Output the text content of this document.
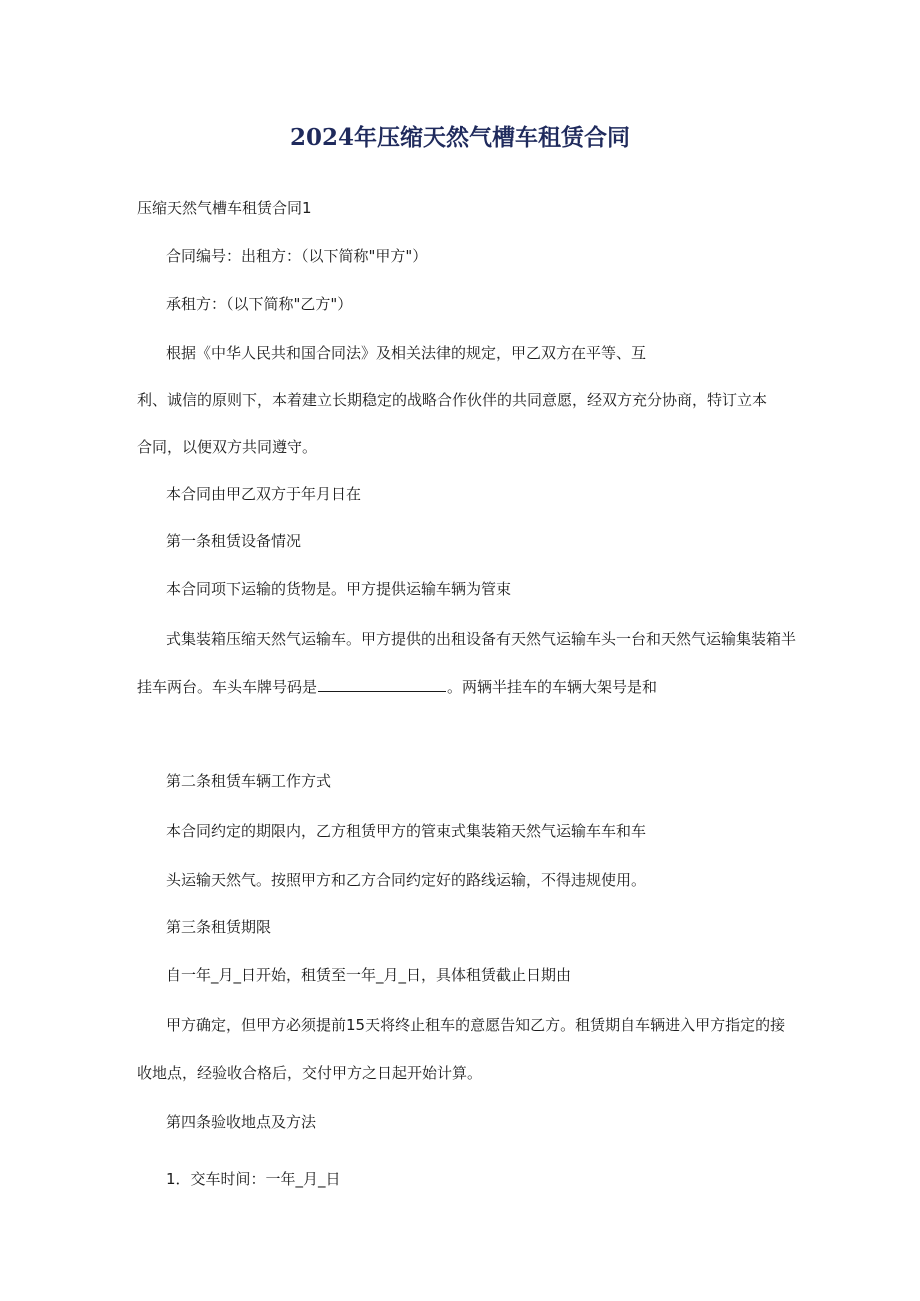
2024年压缩天然气槽车租赁合同
压缩天然气槽车租赁合同1
合同编号：出租方：（以下简称"甲方"）
承租方：（以下简称"乙方"）
根据《中华人民共和国合同法》及相关法律的规定，甲乙双方在平等、互
利、诚信的原则下，本着建立长期稳定的战略合作伙伴的共同意愿，经双方充分协商，特订立本
合同，以便双方共同遵守。
本合同由甲乙双方于年月日在
第一条租赁设备情况
本合同项下运输的货物是。甲方提供运输车辆为管束
式集装箱压缩天然气运输车。甲方提供的出租设备有天然气运输车头一台和天然气运输集装箱半
挂车两台。车头车牌号码是	。两辆半挂车的车辆大架号是和
第二条租赁车辆工作方式
本合同约定的期限内，乙方租赁甲方的管束式集装箱天然气运输车车和车
头运输天然气。按照甲方和乙方合同约定好的路线运输，不得违规使用。
第三条租赁期限
自一年_月_日开始，租赁至一年_月_日，具体租赁截止日期由
甲方确定，但甲方必须提前15天将终止租车的意愿告知乙方。租赁期自车辆进入甲方指定的接
收地点，经验收合格后，交付甲方之日起开始计算。
第四条验收地点及方法
1．交车时间：一年_月_日
